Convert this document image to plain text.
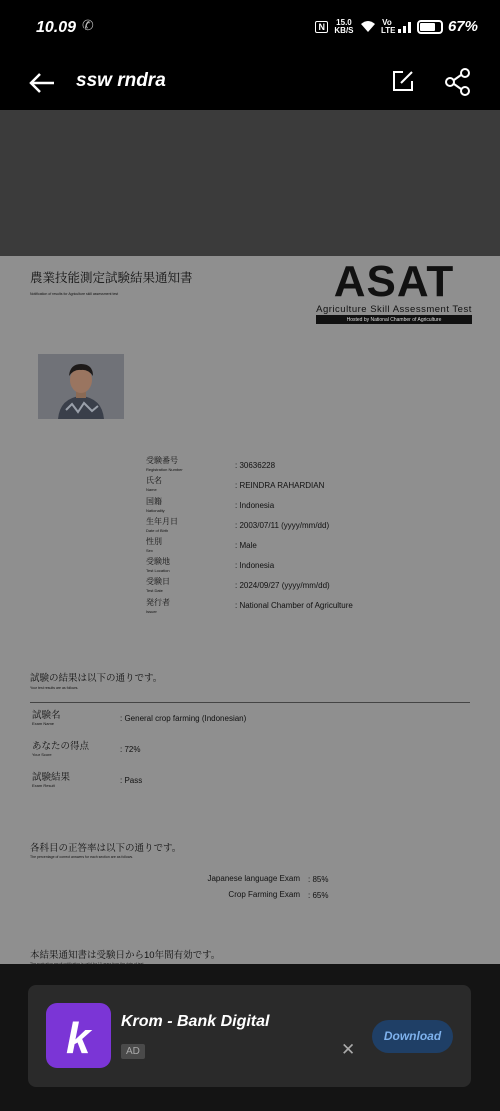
10.09 ✆	N	15.0 KB/S
Vo LTE	67%
ssw rndra
農業技能測定試験結果通知書
Notification of results for Agriculture skill assessment test	ASAT
Agriculture Skill Assessment Test
Hosted by National Chamber of Agriculture
受験番号
Registration Number	: 30636228
氏名
Name	: REINDRA RAHARDIAN
国籍
Nationality
: Indonesia
生年月日
Date of Birth
: 2003/07/11 (yyyy/mm/dd)
性別
Sex
: Male
受験地
Test Location
: Indonesia
受験日
Test Date
: 2024/09/27 (yyyy/mm/dd)
発行者
Issuer
: National Chamber of Agriculture
試験の結果は以下の通りです。
Your test results are as follows.
試験名
Exam Name
: General crop farming (Indonesian)
あなたの得点
Your Score
: 72%
試験結果
Exam Result
: Pass
各科目の正答率は以下の通りです。
The percentage of correct answers for each section are as follows.
Japanese language Exam : 85%
Crop Farming Exam : 65%
本結果通知書は受験日から10年間有効です。
k Krom - Bank Digital
AD	✕
Download
